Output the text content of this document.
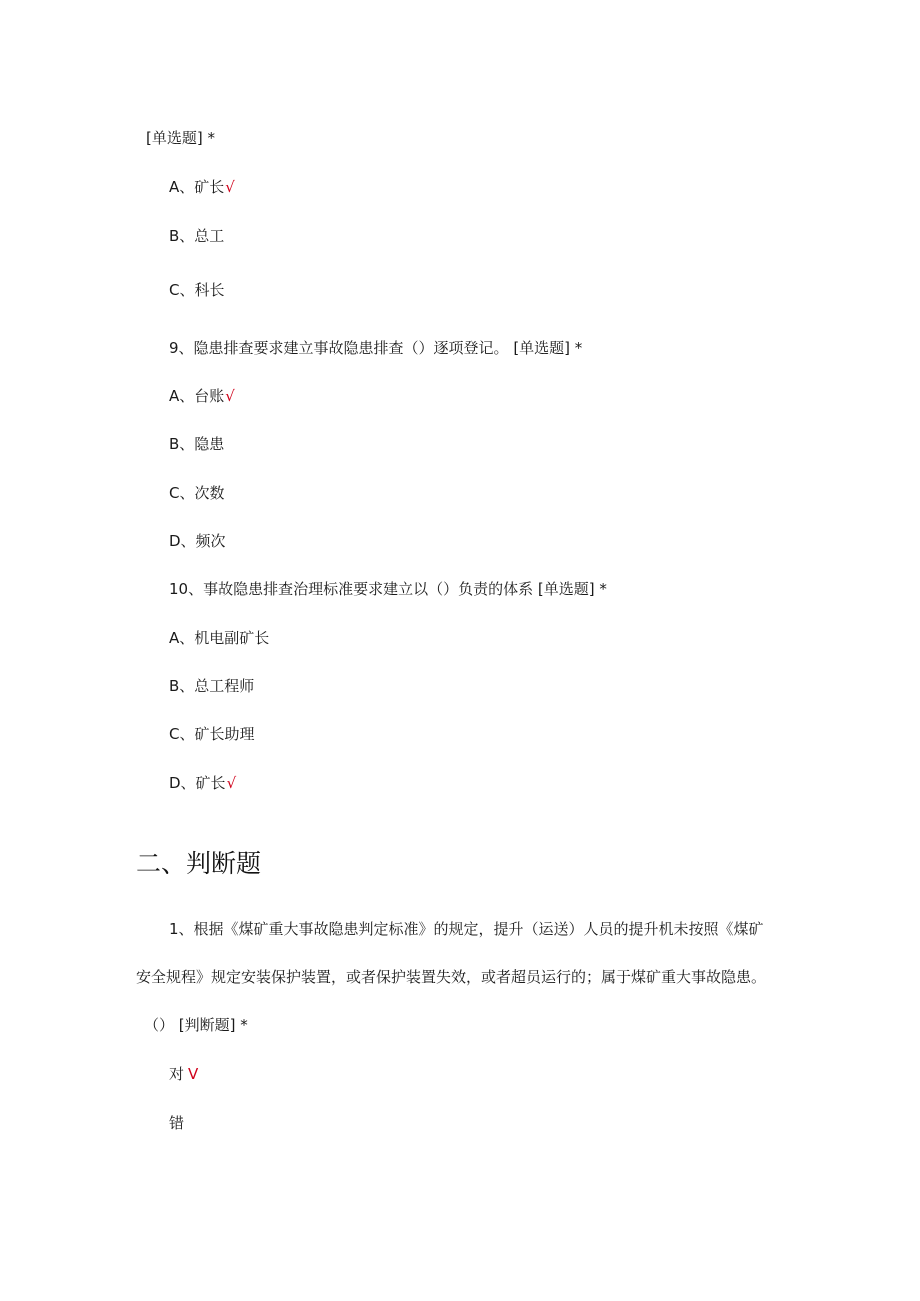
[单选题] *
A、矿长√
B、总工
C、科长
9、隐患排查要求建立事故隐患排查（）逐项登记。 [单选题] *
A、台账√
B、隐患
C、次数
D、频次
10、事故隐患排查治理标准要求建立以（）负责的体系 [单选题] *
A、机电副矿长
B、总工程师
C、矿长助理
D、矿长√
二、判断题
1、根据《煤矿重大事故隐患判定标准》的规定，提升（运送）人员的提升机未按照《煤矿
安全规程》规定安装保护装置，或者保护装置失效，或者超员运行的；属于煤矿重大事故隐患。
（） [判断题] *
对 V
错
